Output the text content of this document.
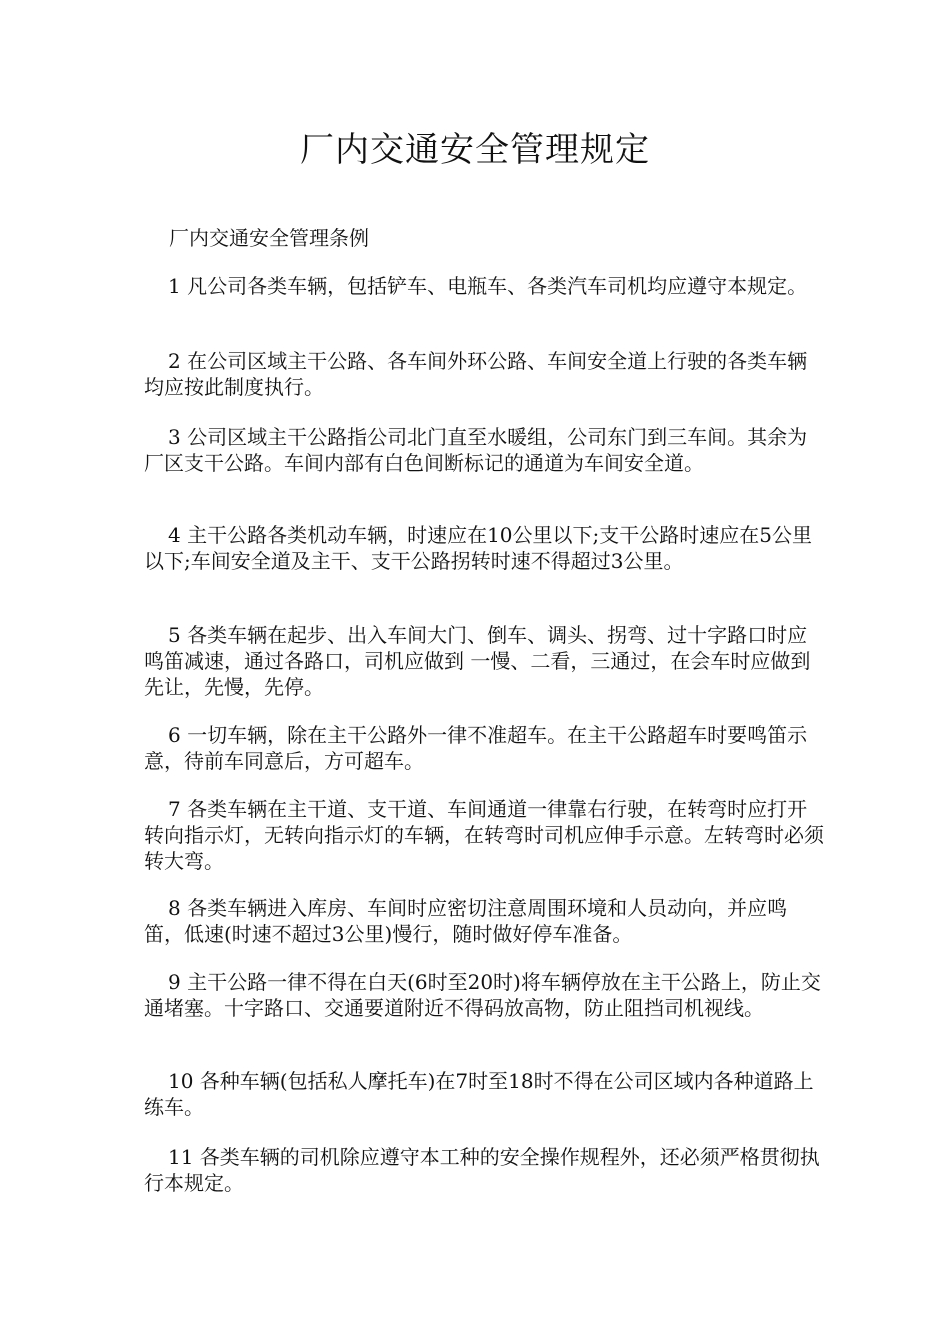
厂内交通安全管理规定

厂内交通安全管理条例

1 凡公司各类车辆，包括铲车、电瓶车、各类汽车司机均应遵守本规定。

2 在公司区域主干公路、各车间外环公路、车间安全道上行驶的各类车辆均应按此制度执行。

3 公司区域主干公路指公司北门直至水暖组，公司东门到三车间。其余为厂区支干公路。车间内部有白色间断标记的通道为车间安全道。

4 主干公路各类机动车辆，时速应在10公里以下;支干公路时速应在5公里以下;车间安全道及主干、支干公路拐转时速不得超过3公里。

5 各类车辆在起步、出入车间大门、倒车、调头、拐弯、过十字路口时应鸣笛减速，通过各路口，司机应做到 一慢、二看，三通过，在会车时应做到先让，先慢，先停。

6 一切车辆，除在主干公路外一律不准超车。在主干公路超车时要鸣笛示意，待前车同意后，方可超车。

7 各类车辆在主干道、支干道、车间通道一律靠右行驶，在转弯时应打开转向指示灯，无转向指示灯的车辆，在转弯时司机应伸手示意。左转弯时必须转大弯。

8 各类车辆进入库房、车间时应密切注意周围环境和人员动向，并应鸣笛，低速(时速不超过3公里)慢行，随时做好停车准备。

9 主干公路一律不得在白天(6时至20时)将车辆停放在主干公路上，防止交通堵塞。十字路口、交通要道附近不得码放高物，防止阻挡司机视线。

10 各种车辆(包括私人摩托车)在7时至18时不得在公司区域内各种道路上练车。

11 各类车辆的司机除应遵守本工种的安全操作规程外，还必须严格贯彻执行本规定。
